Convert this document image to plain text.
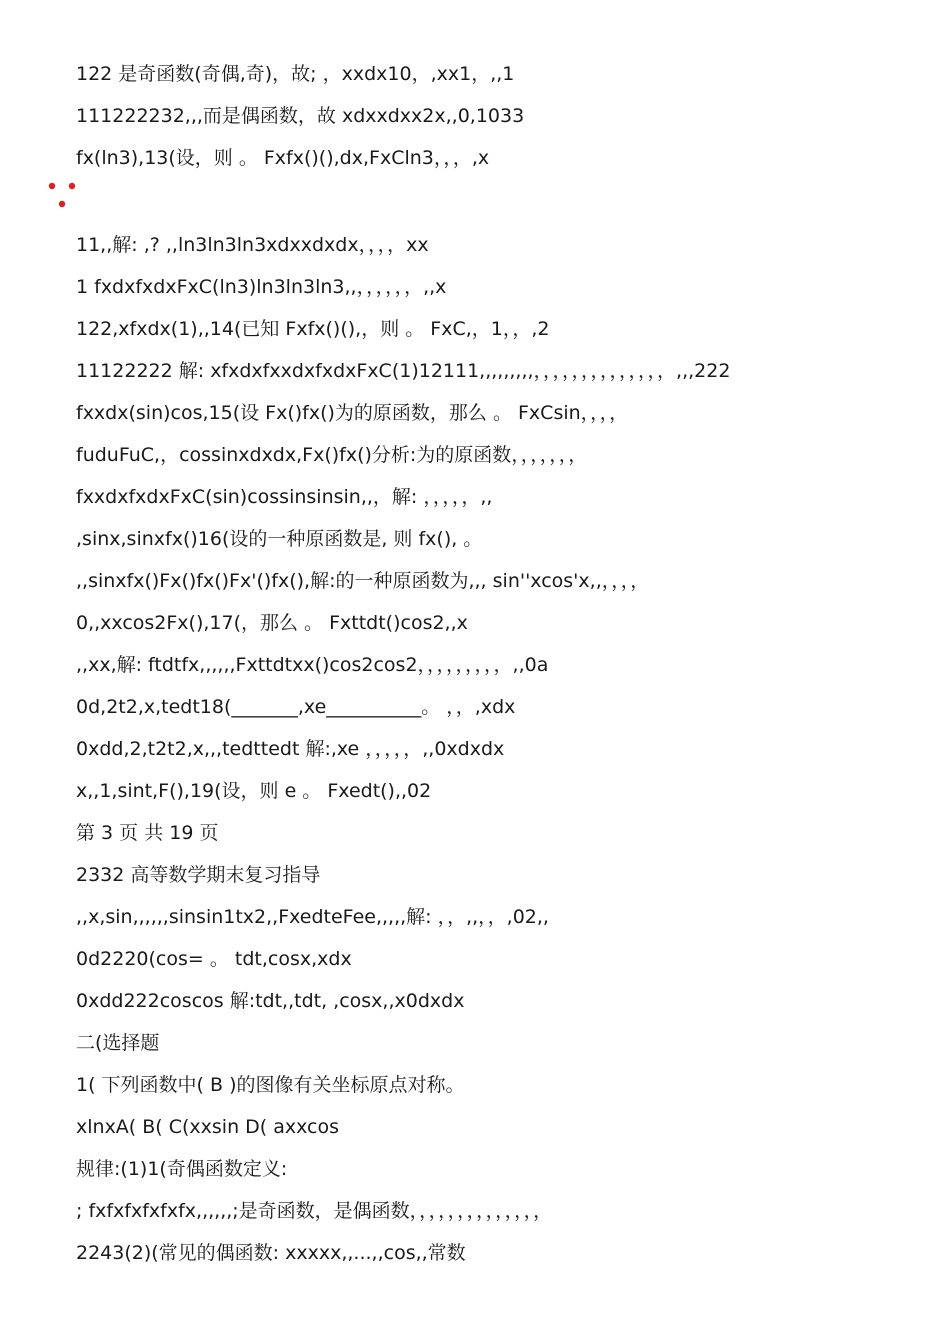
122 是奇函数(奇偶,奇)，故; ，xxdx10，,xx1，,,1
111222232,,,而是偶函数，故 xdxxdxx2x,,0,1033
fx(ln3),13(设，则 。 Fxfx()(),dx,FxCln3，，，,x
11,,解: ,? ,,ln3ln3ln3xdxxdxdx，，，，xx
1 fxdxfxdxFxC(ln3)ln3ln3ln3,,，，，，，，,,x
122,xfxdx(1),,14(已知 Fxfx()(),，则 。 FxC,，1，，,2
11122222 解: xfxdxfxxdxfxdxFxC(1)12111,,,,,,,,,，，，，，，，，，，，，，，,,,222
fxxdx(sin)cos,15(设 Fx()fx()为的原函数，那么 。 FxCsin，，，，
fuduFuC,，cossinxdxdx,Fx()fx()分析:为的原函数，，，，，，，
fxxdxfxdxFxC(sin)cossinsinsin,,，解: ，，，，，,,
,sinx,sinxfx()16(设的一种原函数是, 则 fx(), 。
,,sinxfx()Fx()fx()Fx'()fx(),解:的一种原函数为,,, sin''xcos'x,,，，，，
0,,xxcos2Fx(),17(，那么 。 Fxttdt()cos2,,x
,,xx,解: ftdtfx,,,,,,Fxttdtxx()cos2cos2，，，，，，，，，,,0a
0d,2t2,x,tedt18(_______,xe__________。 ，，,xdx
0xdd,2,t2t2,x,,,tedttedt 解:,xe ，，，，，,,0xdxdx
x,,1,sint,F(),19(设，则 e 。 Fxedt(),,02
第 3 页 共 19 页
2332 高等数学期末复习指导
,,x,sin,,,,,,sinsin1tx2,,FxedteFee,,,,,解: ，，,,，，,02,,
0d2220(cos= 。 tdt,cosx,xdx
0xdd222coscos 解:tdt,,tdt, ,cosx,,x0dxdx
二(选择题
1( 下列函数中( B )的图像有关坐标原点对称。
xlnxA( B( C(xxsin D( axxcos
规律:(1)1(奇偶函数定义:
; fxfxfxfxfxfx,,,,,,;是奇函数，是偶函数，，，，，，，，，，，，，，
2243(2)(常见的偶函数: xxxxx,,...,,cos,,常数
